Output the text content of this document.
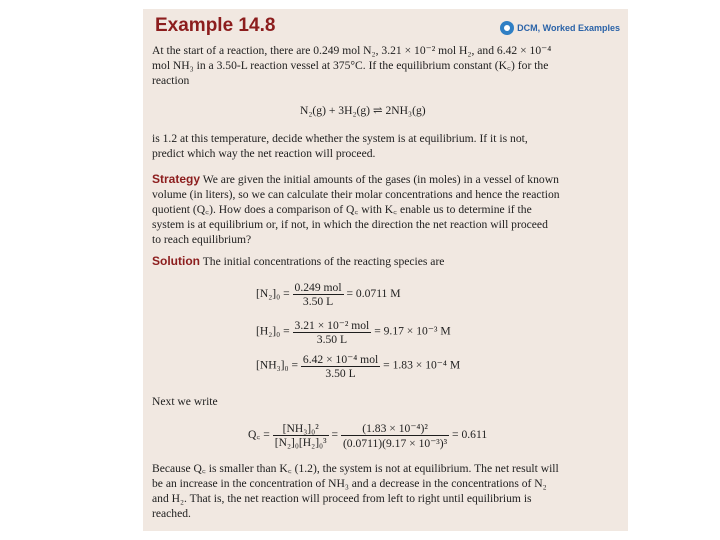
Example 14.8	DCM, Worked Examples

At the start of a reaction, there are 0.249 mol N₂, 3.21 × 10⁻² mol H₂, and 6.42 × 10⁻⁴

mol NH₃ in a 3.50-L reaction vessel at 375°C. If the equilibrium constant (K꜀) for the

reaction

N₂(g) + 3H₂(g) ⇌ 2NH₃(g)

is 1.2 at this temperature, decide whether the system is at equilibrium. If it is not,

predict which way the net reaction will proceed.

Strategy We are given the initial amounts of the gases (in moles) in a vessel of known

volume (in liters), so we can calculate their molar concentrations and hence the reaction

quotient (Q꜀). How does a comparison of Q꜀ with K꜀ enable us to determine if the

system is at equilibrium or, if not, in which the direction the net reaction will proceed

to reach equilibrium?

Solution The initial concentrations of the reacting species are

$[N_2]_0 = \frac{\text{0.249 mol}}{3.50 L} = 0.0711$ M
$[H_2]_0 = \frac{\text{3.21 × 10⁻² mol}}{3.50 L} = 9.17 \times 10^{-3}$ M
$[NH_3]_0 = \frac{\text{6.42 × 10⁻⁴ mol}}{3.50 L} = 1.83 \times 10^{-4}$ M
Next we write
Q꜀ = $\frac{\text{[NH₃]₀²}}{\text{[N₂]₀[H₂]₀³}} = \frac{\text{(1.83 × 10⁻⁴)²}}{\text{(0.0711)(9.17 × 10⁻³)³}} = 0.611$

Because Q꜀ is smaller than K꜀ (1.2), the system is not at equilibrium. The net result will

be an increase in the concentration of NH₃ and a decrease in the concentrations of N₂

and H₂. That is, the net reaction will proceed from left to right until equilibrium is

reached.
